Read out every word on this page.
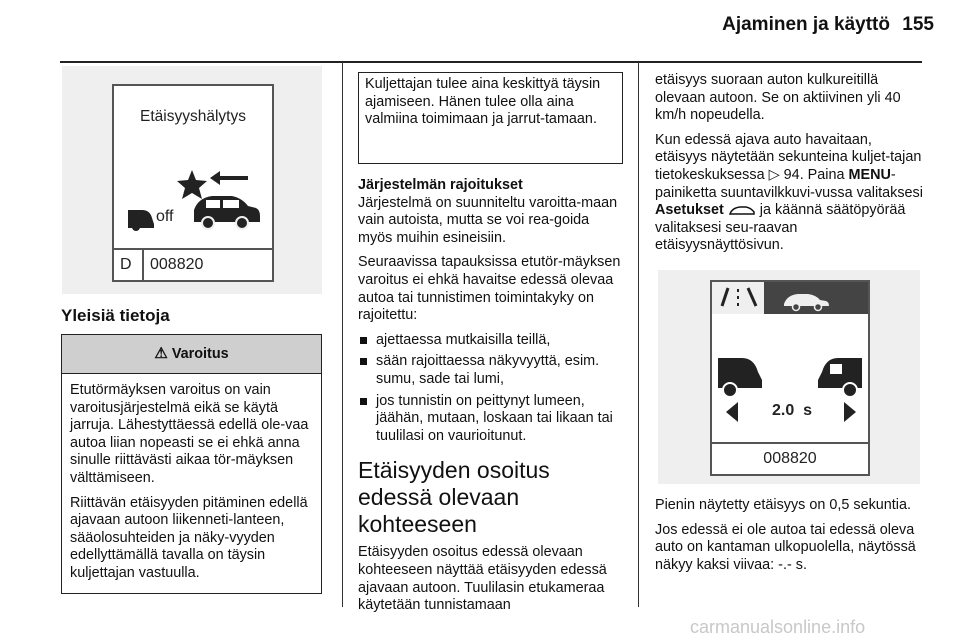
Ajaminen ja käyttö 155
Etäisyyshälytys
off
D 008820
Yleisiä tietoja
⚠ Varoitus

Etutörmäyksen varoitus on vain varoitusjärjestelmä eikä se käytä jarruja. Lähestyttäessä edellä ole-vaa autoa liian nopeasti se ei ehkä anna sinulle riittävästi aikaa tör-mäyksen välttämiseen.

Riittävän etäisyyden pitäminen edellä ajavaan autoon liikenneti-lanteen, sääolosuhteiden ja näky-vyyden edellyttämällä tavalla on täysin kuljettajan vastuulla.

Kuljettajan tulee aina keskittyä täysin ajamiseen. Hänen tulee olla aina valmiina toimimaan ja jarrut-tamaan.
Järjestelmän rajoitukset

Järjestelmä on suunniteltu varoitta-maan vain autoista, mutta se voi rea-goida myös muihin esineisiin.

Seuraavissa tapauksissa etutör-mäyksen varoitus ei ehkä havaitse edessä olevaa autoa tai tunnistimen toimintakyky on rajoitettu:

ajettaessa mutkaisilla teillä,
sään rajoittaessa näkyvyyttä, esim. sumu, sade tai lumi,
jos tunnistin on peittynyt lumeen, jäähän, mutaan, loskaan tai likaan tai tuulilasi on vaurioitunut.
Etäisyyden osoitus edessä olevaan kohteeseen

Etäisyyden osoitus edessä olevaan kohteeseen näyttää etäisyyden edessä ajavaan autoon. Tuulilasin etukameraa käytetään tunnistamaan

etäisyys suoraan auton kulkureitillä olevaan autoon. Se on aktiivinen yli 40 km/h nopeudella.

Kun edessä ajava auto havaitaan, etäisyys näytetään sekunteina kuljet-tajan tietokeskuksessa ▷ 94. Paina MENU-painiketta suuntavilkkuvi-vussa valitaksesi Asetukset  ja käännä säätöpyörää valitaksesi seu-raavan etäisyysnäyttösivun.

2.0 s
008820

Pienin näytetty etäisyys on 0,5 sekuntia.

Jos edessä ei ole autoa tai edessä oleva auto on kantaman ulkopuolella, näytössä näkyy kaksi viivaa: -.- s.

carmanualsonline.info
